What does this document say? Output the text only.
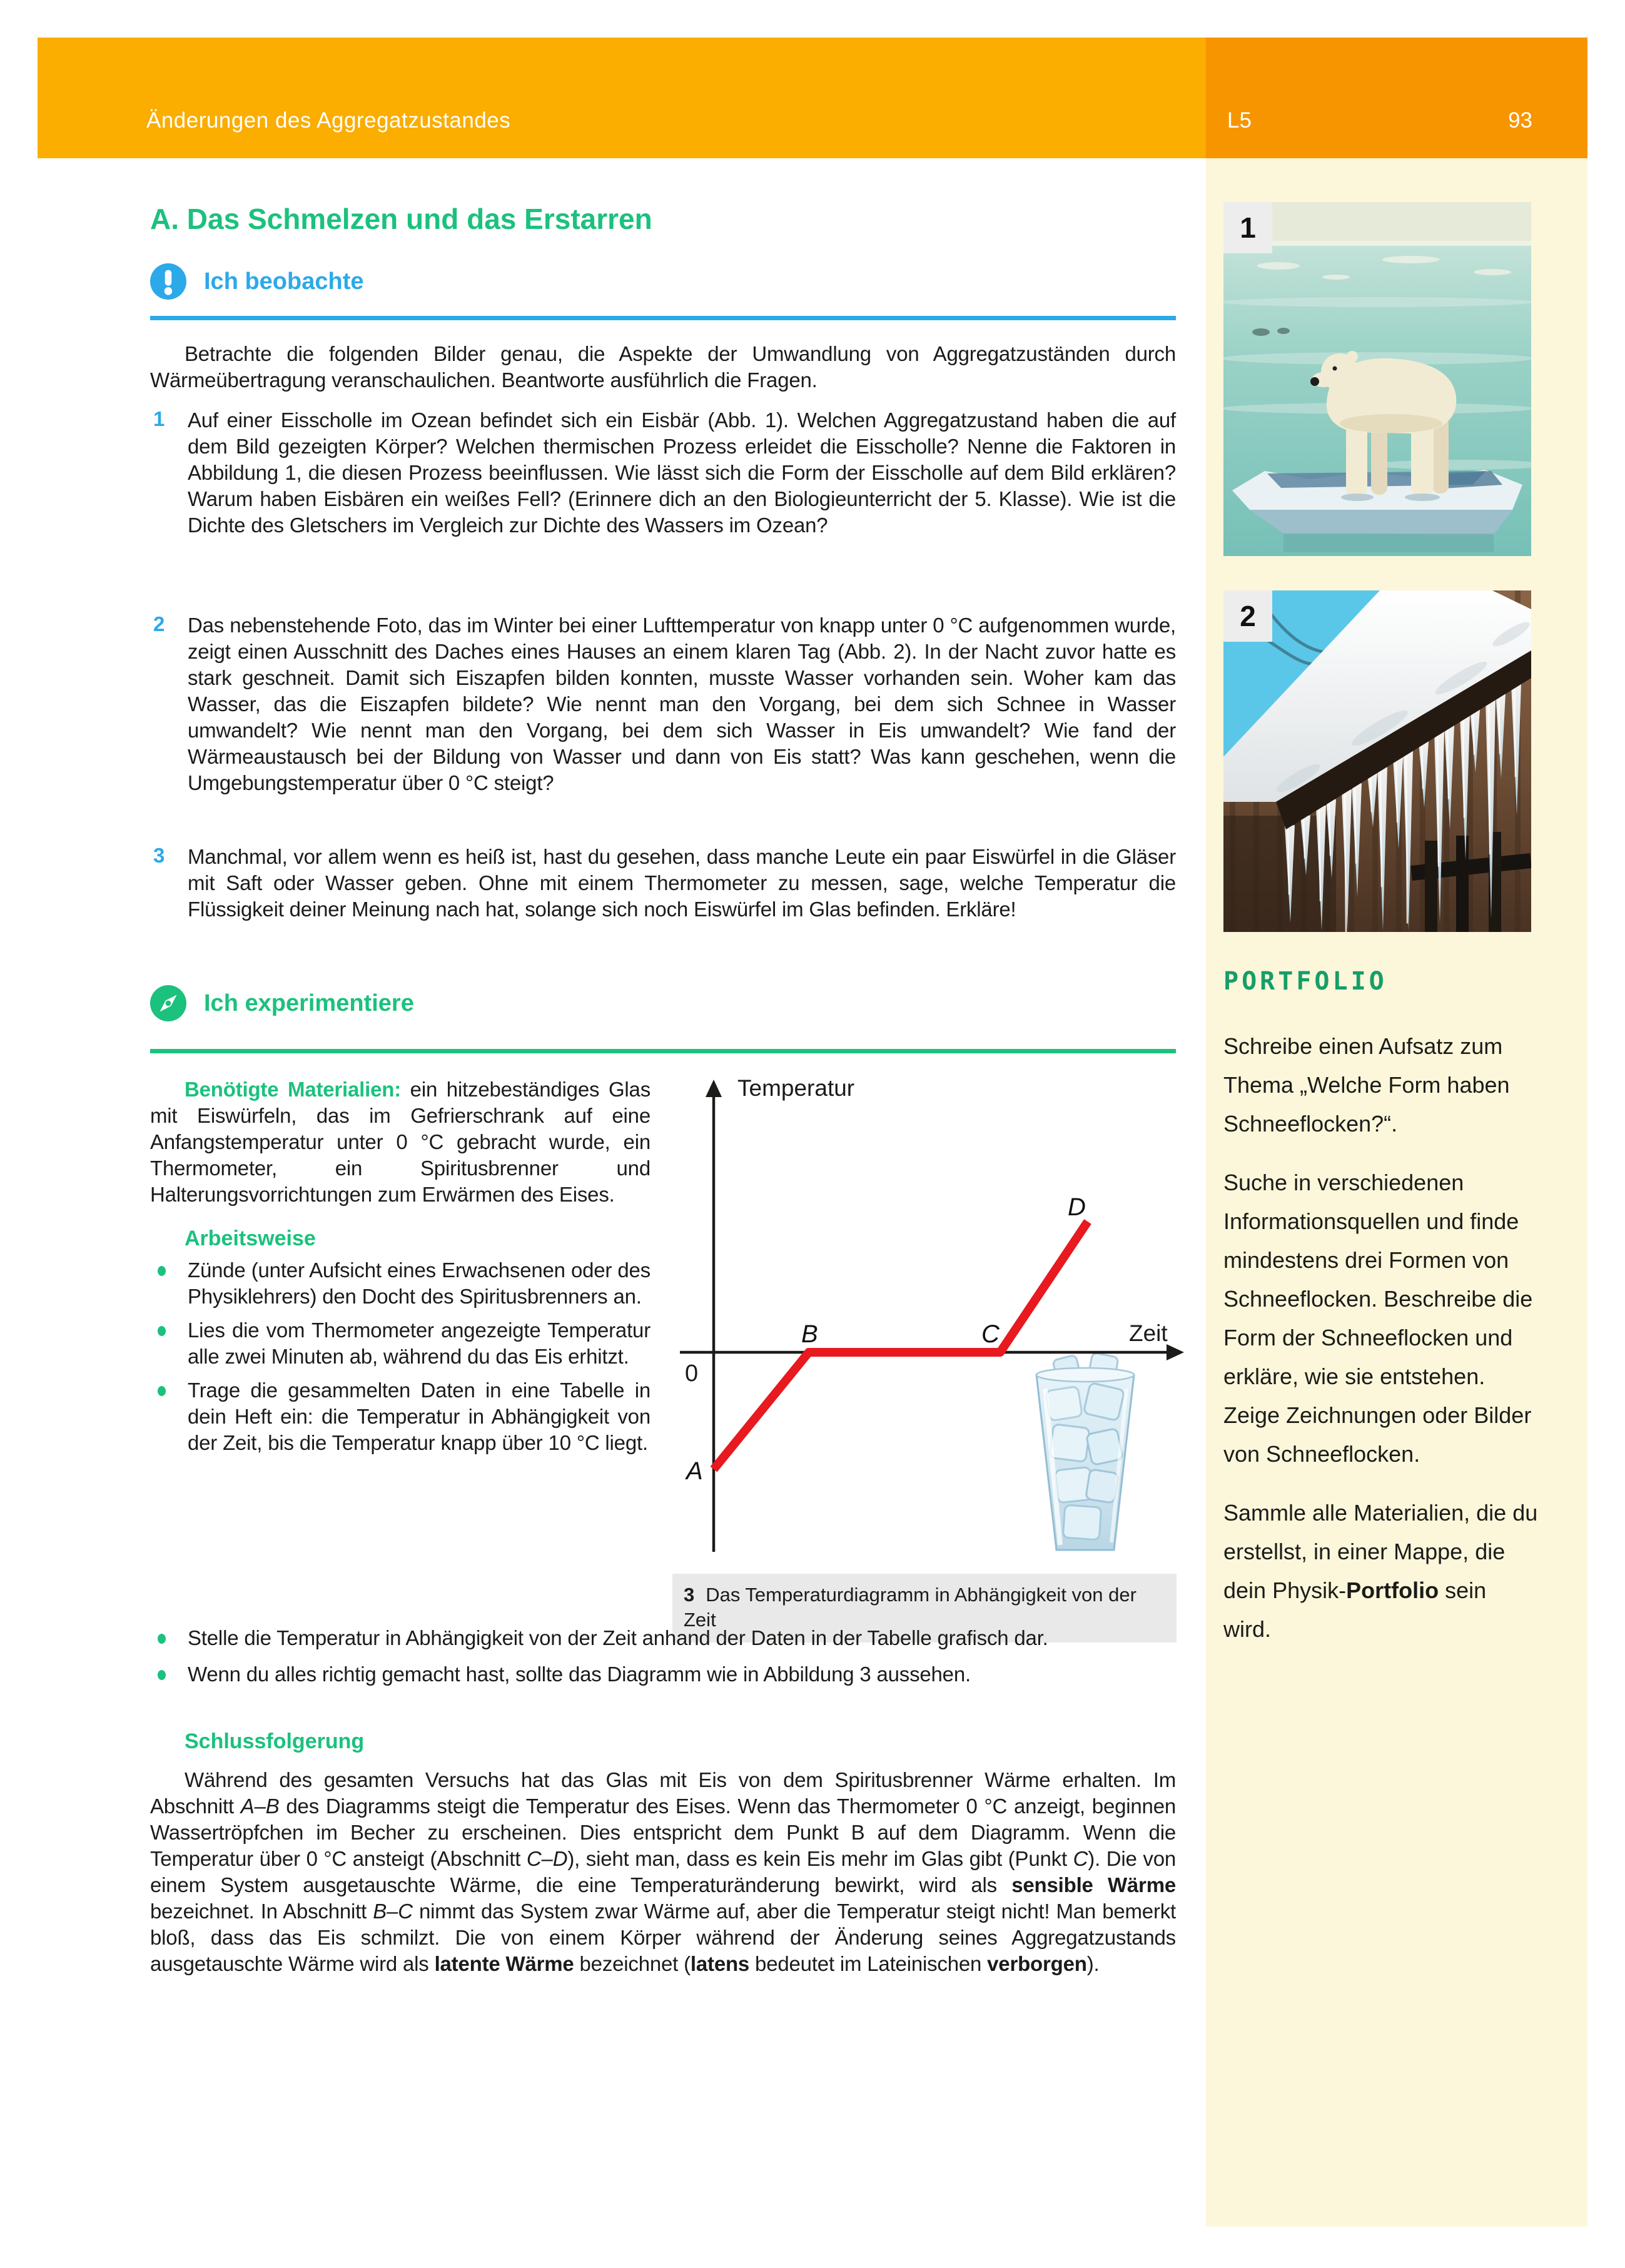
Änderungen des Aggregatzustandes	L5	93
A. Das Schmelzen und das Erstarren
Ich beobachte

Betrachte die folgenden Bilder genau, die Aspekte der Umwandlung von Aggregatzuständen durch Wärmeübertragung veranschaulichen. Beantworte ausführlich die Fragen.

1 Auf einer Eisscholle im Ozean befindet sich ein Eisbär (Abb. 1). Welchen Aggregatzustand haben die auf dem Bild gezeigten Körper? Welchen thermischen Prozess erleidet die Eisscholle? Nenne die Faktoren in Abbildung 1, die diesen Prozess beeinflussen. Wie lässt sich die Form der Eisscholle auf dem Bild erklären? Warum haben Eisbären ein weißes Fell? (Erinnere dich an den Biologieunterricht der 5. Klasse). Wie ist die Dichte des Gletschers im Vergleich zur Dichte des Wassers im Ozean?

2 Das nebenstehende Foto, das im Winter bei einer Lufttemperatur von knapp unter 0 °C aufgenommen wurde, zeigt einen Ausschnitt des Daches eines Hauses an einem klaren Tag (Abb. 2). In der Nacht zuvor hatte es stark geschneit. Damit sich Eiszapfen bilden konnten, musste Wasser vorhanden sein. Woher kam das Wasser, das die Eiszapfen bildete? Wie nennt man den Vorgang, bei dem sich Schnee in Wasser umwandelt? Wie nennt man den Vorgang, bei dem sich Wasser in Eis umwandelt? Wie fand der Wärmeaustausch bei der Bildung von Wasser und dann von Eis statt? Was kann geschehen, wenn die Umgebungstemperatur über 0 °C steigt?

3 Manchmal, vor allem wenn es heiß ist, hast du gesehen, dass manche Leute ein paar Eiswürfel in die Gläser mit Saft oder Wasser geben. Ohne mit einem Thermometer zu messen, sage, welche Temperatur die Flüssigkeit deiner Meinung nach hat, solange sich noch Eiswürfel im Glas befinden. Erkläre!

Ich experimentiere

Benötigte Materialien: ein hitzebeständiges Glas mit Eiswürfeln, das im Gefrierschrank auf eine Anfangstemperatur unter 0 °C gebracht wurde, ein Thermometer, ein Spiritusbrenner und Halterungsvorrichtungen zum Erwärmen des Eises.

Arbeitsweise
Zünde (unter Aufsicht eines Erwachsenen oder des Physiklehrers) den Docht des Spiritusbrenners an.
Lies die vom Thermometer angezeigte Temperatur alle zwei Minuten ab, während du das Eis erhitzt.
Trage die gesammelten Daten in eine Tabelle in dein Heft ein: die Temperatur in Abhängigkeit von der Zeit, bis die Temperatur knapp über 10 °C liegt.
Temperatur
Zeit
0
A
B	C
D
3 Das Temperaturdiagramm in Abhängigkeit von der Zeit
Stelle die Temperatur in Abhängigkeit von der Zeit anhand der Daten in der Tabelle grafisch dar.
Wenn du alles richtig gemacht hast, sollte das Diagramm wie in Abbildung 3 aussehen.
Schlussfolgerung

Während des gesamten Versuchs hat das Glas mit Eis von dem Spiritusbrenner Wärme erhalten. Im Abschnitt A–B des Diagramms steigt die Temperatur des Eises. Wenn das Thermometer 0 °C anzeigt, beginnen Wassertröpfchen im Becher zu erscheinen. Dies entspricht dem Punkt B auf dem Diagramm. Wenn die Temperatur über 0 °C ansteigt (Abschnitt C–D), sieht man, dass es kein Eis mehr im Glas gibt (Punkt C). Die von einem System ausgetauschte Wärme, die eine Temperaturänderung bewirkt, wird als sensible Wärme bezeichnet. In Abschnitt B–C nimmt das System zwar Wärme auf, aber die Temperatur steigt nicht! Man bemerkt bloß, dass das Eis schmilzt. Die von einem Körper während der Änderung seines Aggregatzustands ausgetauschte Wärme wird als latente Wärme bezeichnet (latens bedeutet im Lateinischen verborgen).

1
2
PORTFOLIO

Schreibe einen Aufsatz zum Thema „Welche Form haben Schneeflocken?“.

Suche in verschiedenen Informationsquellen und finde mindestens drei Formen von Schneeflocken. Beschreibe die Form der Schneeflocken und erkläre, wie sie entstehen. Zeige Zeichnungen oder Bilder von Schneeflocken.

Sammle alle Materialien, die du erstellst, in einer Mappe, die dein Physik-Portfolio sein wird.
